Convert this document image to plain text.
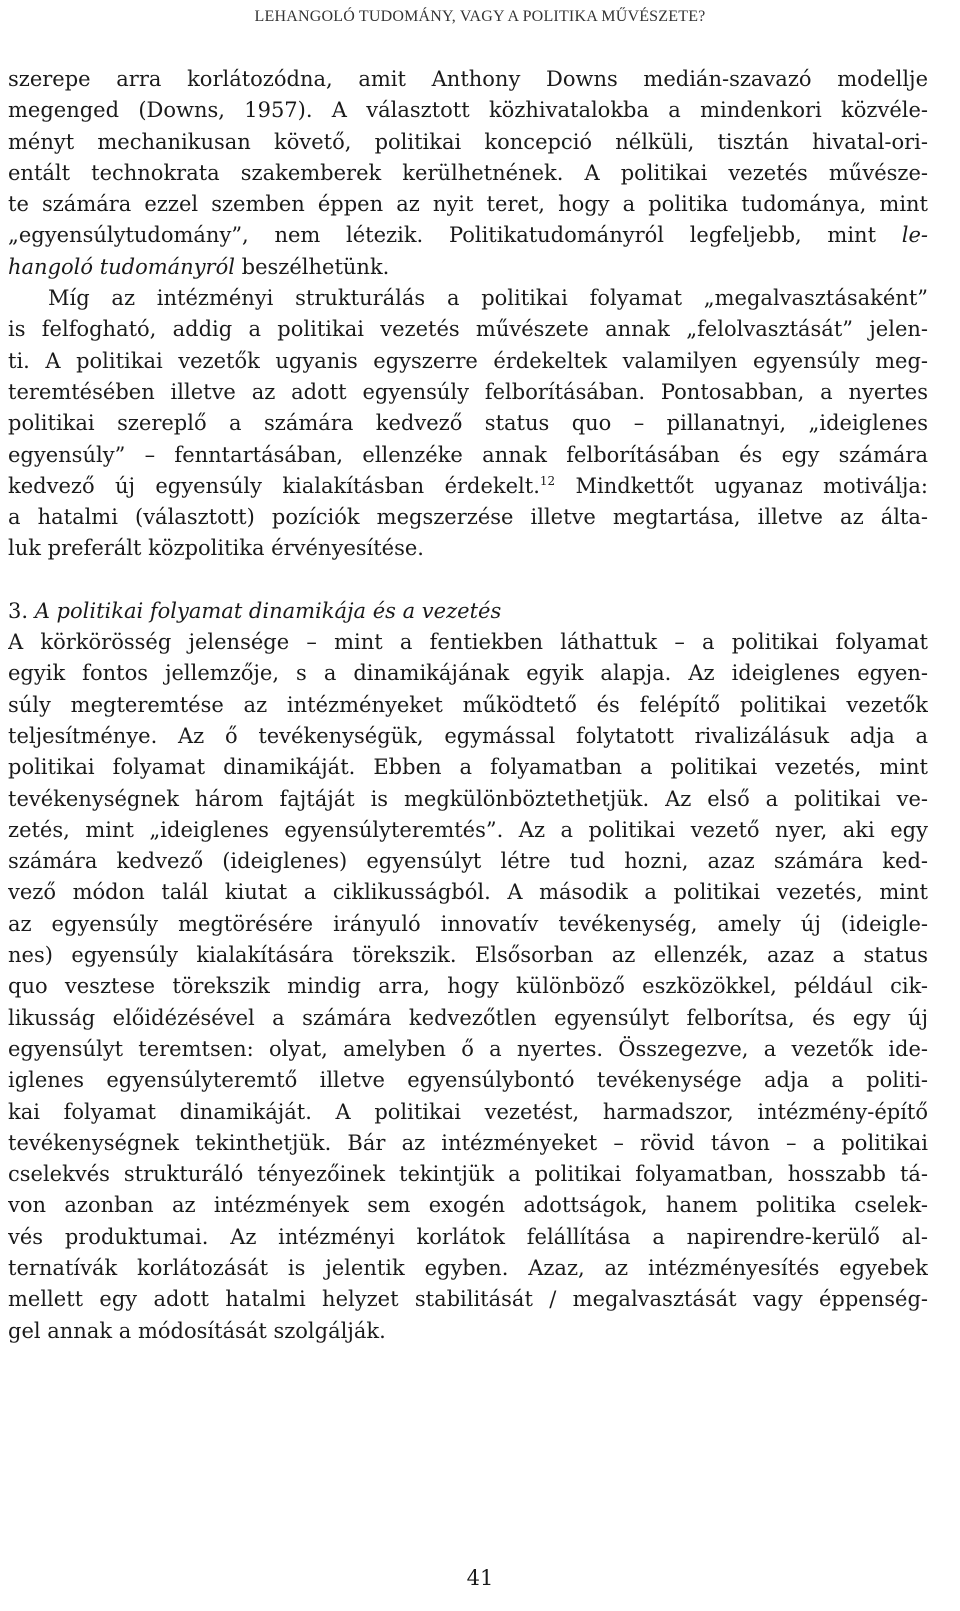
LEHANGOLÓ TUDOMÁNY, VAGY A POLITIKA MŰVÉSZETE?
szerepe arra korlátozódna, amit Anthony Downs medián-szavazó modellje
megenged (Downs, 1957). A választott közhivatalokba a mindenkori közvéle-
ményt mechanikusan követő, politikai koncepció nélküli, tisztán hivatal-ori-
entált technokrata szakemberek kerülhetnének. A politikai vezetés művésze-
te számára ezzel szemben éppen az nyit teret, hogy a politika tudománya, mint
„egyensúlytudomány”, nem létezik. Politikatudományról legfeljebb, mint le-
hangoló tudományról beszélhetünk.
Míg az intézményi strukturálás a politikai folyamat „megalvasztásaként”
is felfogható, addig a politikai vezetés művészete annak „felolvasztását” jelen-
ti. A politikai vezetők ugyanis egyszerre érdekeltek valamilyen egyensúly meg-
teremtésében illetve az adott egyensúly felborításában. Pontosabban, a nyertes
politikai szereplő a számára kedvező status quo – pillanatnyi, „ideiglenes
egyensúly” – fenntartásában, ellenzéke annak felborításában és egy számára
kedvező új egyensúly kialakításban érdekelt.$^{12}$ Mindkettőt ugyanaz motiválja:
a hatalmi (választott) pozíciók megszerzése illetve megtartása, illetve az álta-
luk preferált közpolitika érvényesítése.
3. A politikai folyamat dinamikája és a vezetés
A körkörösség jelensége – mint a fentiekben láthattuk – a politikai folyamat
egyik fontos jellemzője, s a dinamikájának egyik alapja. Az ideiglenes egyen-
súly megteremtése az intézményeket működtető és felépítő politikai vezetők
teljesítménye. Az ő tevékenységük, egymással folytatott rivalizálásuk adja a
politikai folyamat dinamikáját. Ebben a folyamatban a politikai vezetés, mint
tevékenységnek három fajtáját is megkülönböztethetjük. Az első a politikai ve-
zetés, mint „ideiglenes egyensúlyteremtés”. Az a politikai vezető nyer, aki egy
számára kedvező (ideiglenes) egyensúlyt létre tud hozni, azaz számára ked-
vező módon talál kiutat a ciklikusságból. A második a politikai vezetés, mint
az egyensúly megtörésére irányuló innovatív tevékenység, amely új (ideigle-
nes) egyensúly kialakítására törekszik. Elsősorban az ellenzék, azaz a status
quo vesztese törekszik mindig arra, hogy különböző eszközökkel, például cik-
likusság előidézésével a számára kedvezőtlen egyensúlyt felborítsa, és egy új
egyensúlyt teremtsen: olyat, amelyben ő a nyertes. Összegezve, a vezetők ide-
iglenes egyensúlyteremtő illetve egyensúlybontó tevékenysége adja a politi-
kai folyamat dinamikáját. A politikai vezetést, harmadszor, intézmény-építő
tevékenységnek tekinthetjük. Bár az intézményeket – rövid távon – a politikai
cselekvés strukturáló tényezőinek tekintjük a politikai folyamatban, hosszabb tá-
von azonban az intézmények sem exogén adottságok, hanem politika cselek-
vés produktumai. Az intézményi korlátok felállítása a napirendre-kerülő al-
ternatívák korlátozását is jelentik egyben. Azaz, az intézményesítés egyebek
mellett egy adott hatalmi helyzet stabilitását / megalvasztását vagy éppenség-
gel annak a módosítását szolgálják.
41
